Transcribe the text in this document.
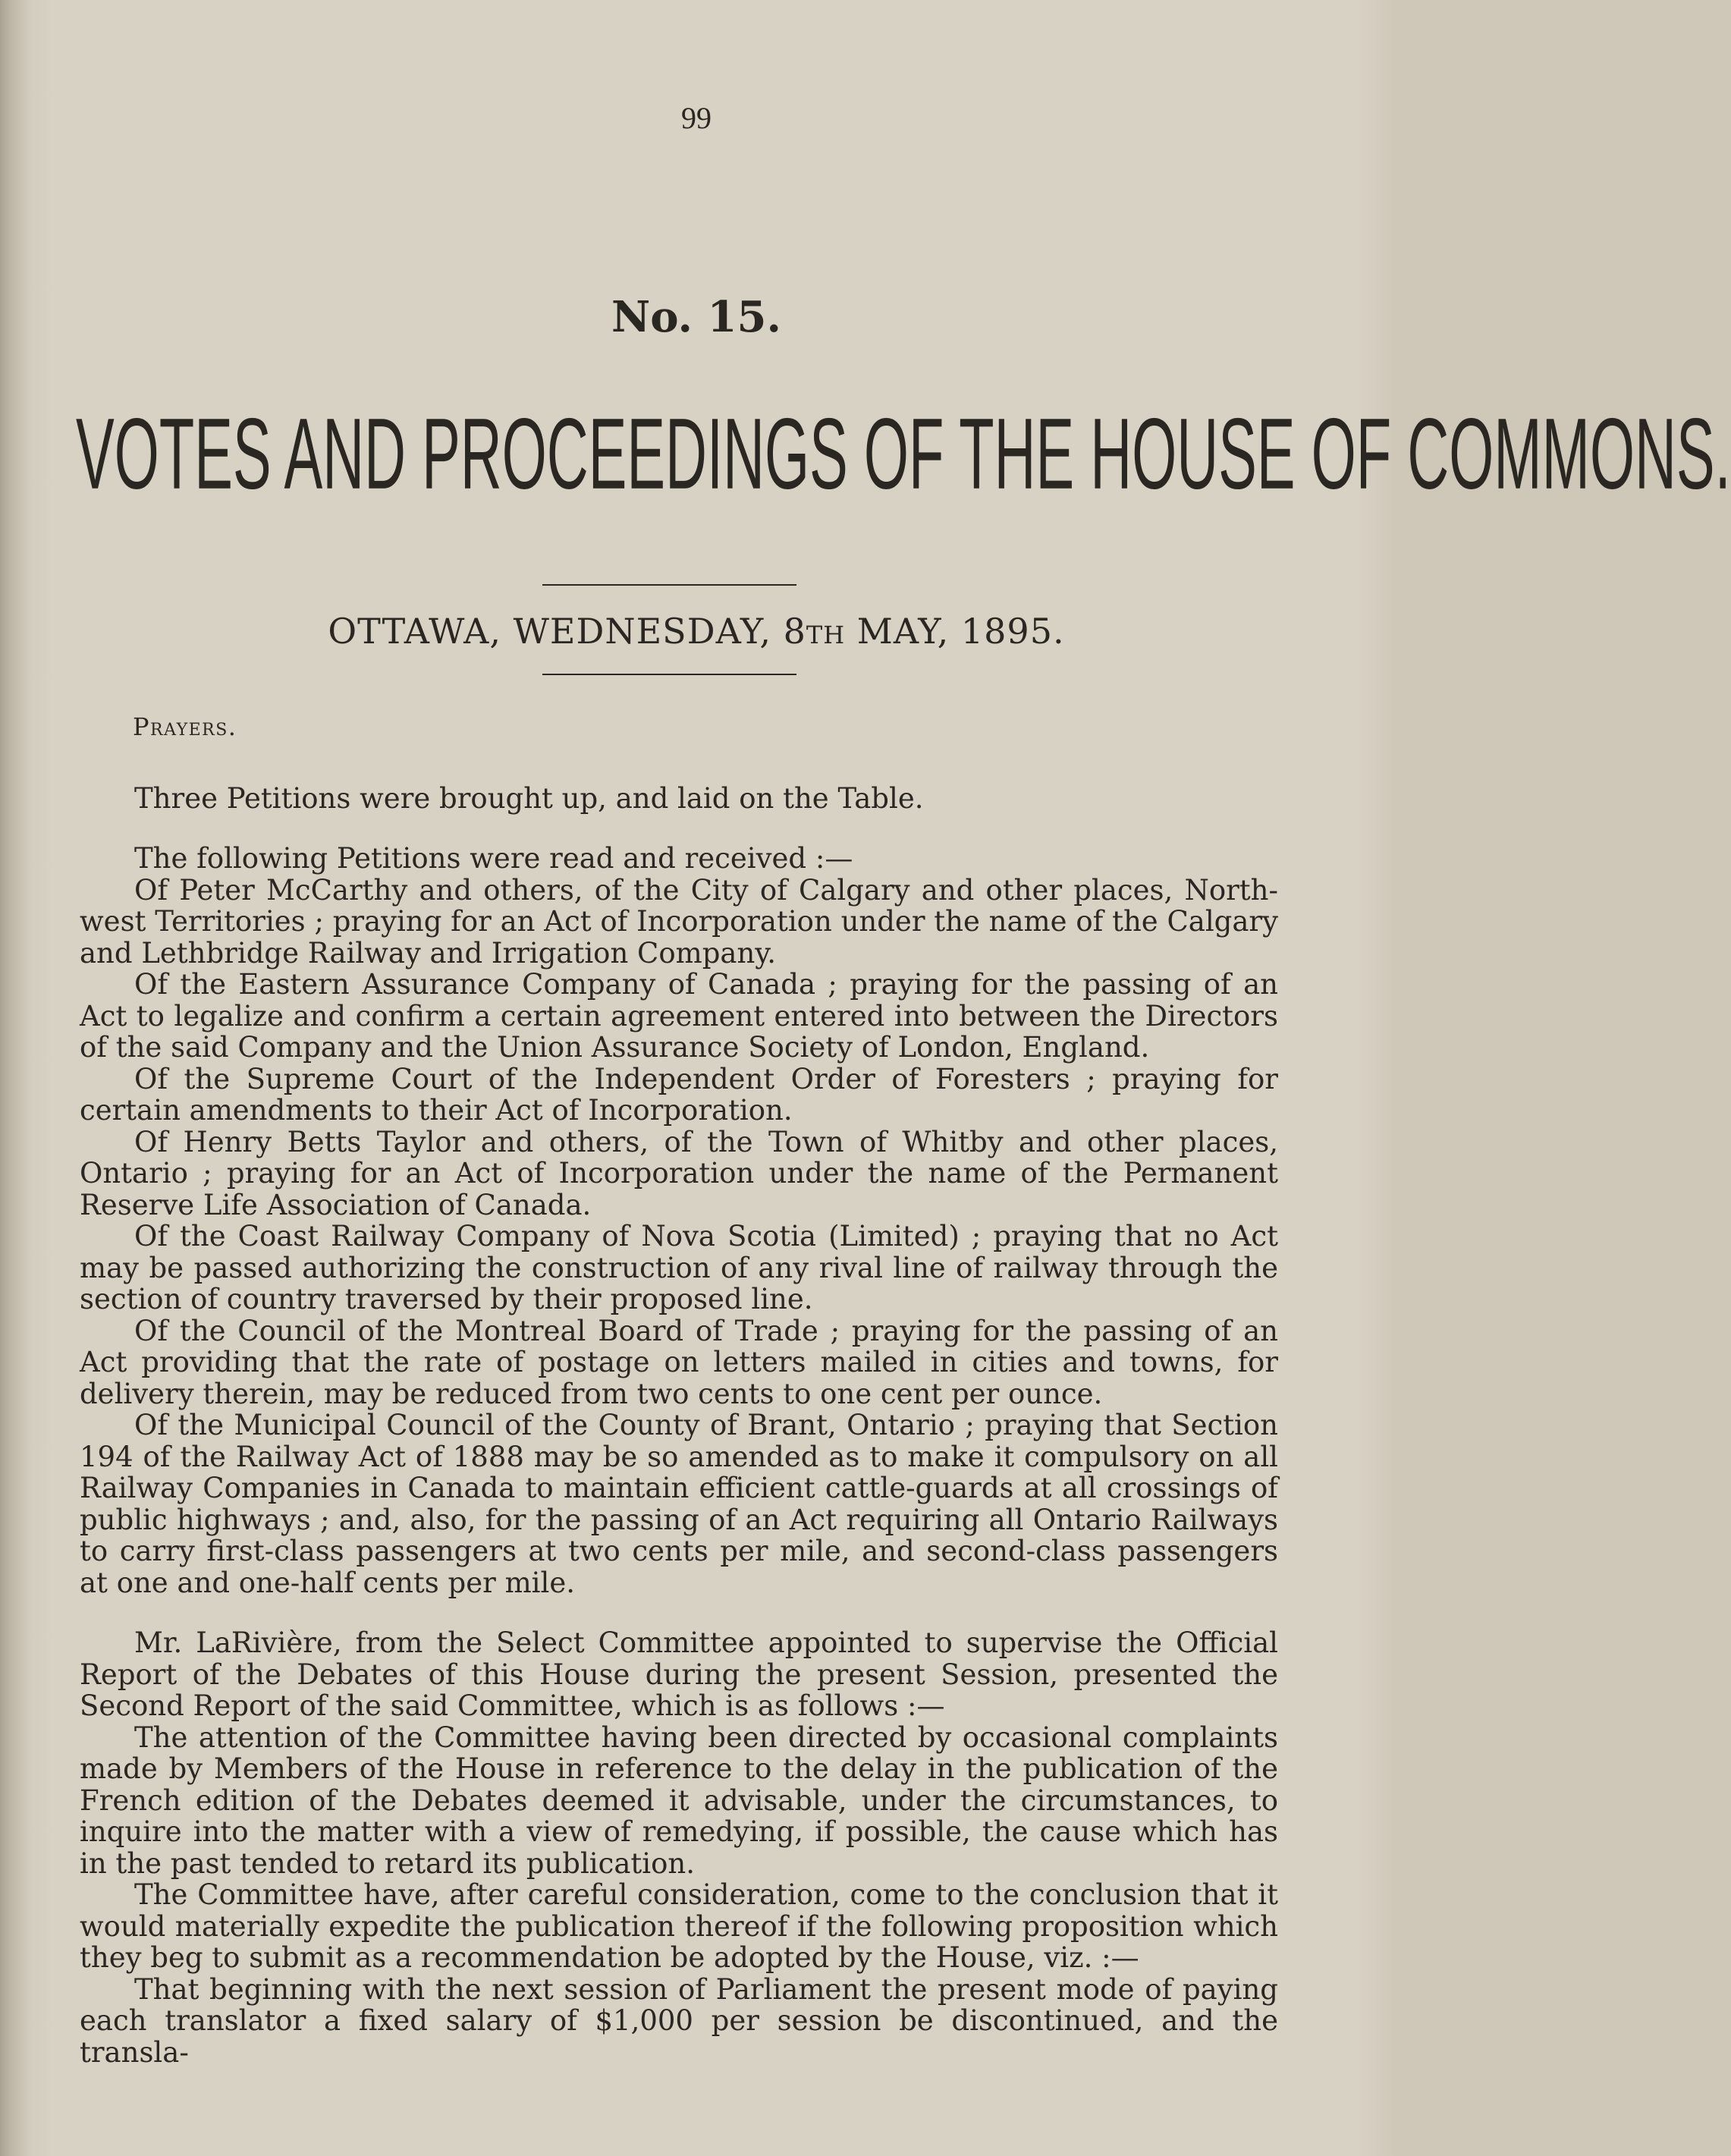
99
No. 15.
VOTES AND PROCEEDINGS OF THE HOUSE OF COMMONS.
OTTAWA, WEDNESDAY, 8TH MAY, 1895.

Prayers.

Three Petitions were brought up, and laid on the Table.

The following Petitions were read and received :—

Of Peter McCarthy and others, of the City of Calgary and other places, North-west Territories ; praying for an Act of Incorporation under the name of the Calgary and Lethbridge Railway and Irrigation Company.

Of the Eastern Assurance Company of Canada ; praying for the passing of an Act to legalize and confirm a certain agreement entered into between the Directors of the said Company and the Union Assurance Society of London, England.

Of the Supreme Court of the Independent Order of Foresters ; praying for certain amendments to their Act of Incorporation.

Of Henry Betts Taylor and others, of the Town of Whitby and other places, Ontario ; praying for an Act of Incorporation under the name of the Permanent Reserve Life Association of Canada.

Of the Coast Railway Company of Nova Scotia (Limited) ; praying that no Act may be passed authorizing the construction of any rival line of railway through the section of country traversed by their proposed line.

Of the Council of the Montreal Board of Trade ; praying for the passing of an Act providing that the rate of postage on letters mailed in cities and towns, for delivery therein, may be reduced from two cents to one cent per ounce.

Of the Municipal Council of the County of Brant, Ontario ; praying that Section 194 of the Railway Act of 1888 may be so amended as to make it compulsory on all Railway Companies in Canada to maintain efficient cattle-guards at all crossings of public highways ; and, also, for the passing of an Act requiring all Ontario Railways to carry first-class passengers at two cents per mile, and second-class passengers at one and one-half cents per mile.

Mr. LaRivière, from the Select Committee appointed to supervise the Official Report of the Debates of this House during the present Session, presented the Second Report of the said Committee, which is as follows :—

The attention of the Committee having been directed by occasional complaints made by Members of the House in reference to the delay in the publication of the French edition of the Debates deemed it advisable, under the circumstances, to inquire into the matter with a view of remedying, if possible, the cause which has in the past tended to retard its publication.

The Committee have, after careful consideration, come to the conclusion that it would materially expedite the publication thereof if the following proposition which they beg to submit as a recommendation be adopted by the House, viz. :—

That beginning with the next session of Parliament the present mode of paying each translator a fixed salary of $1,000 per session be discontinued, and the transla-
